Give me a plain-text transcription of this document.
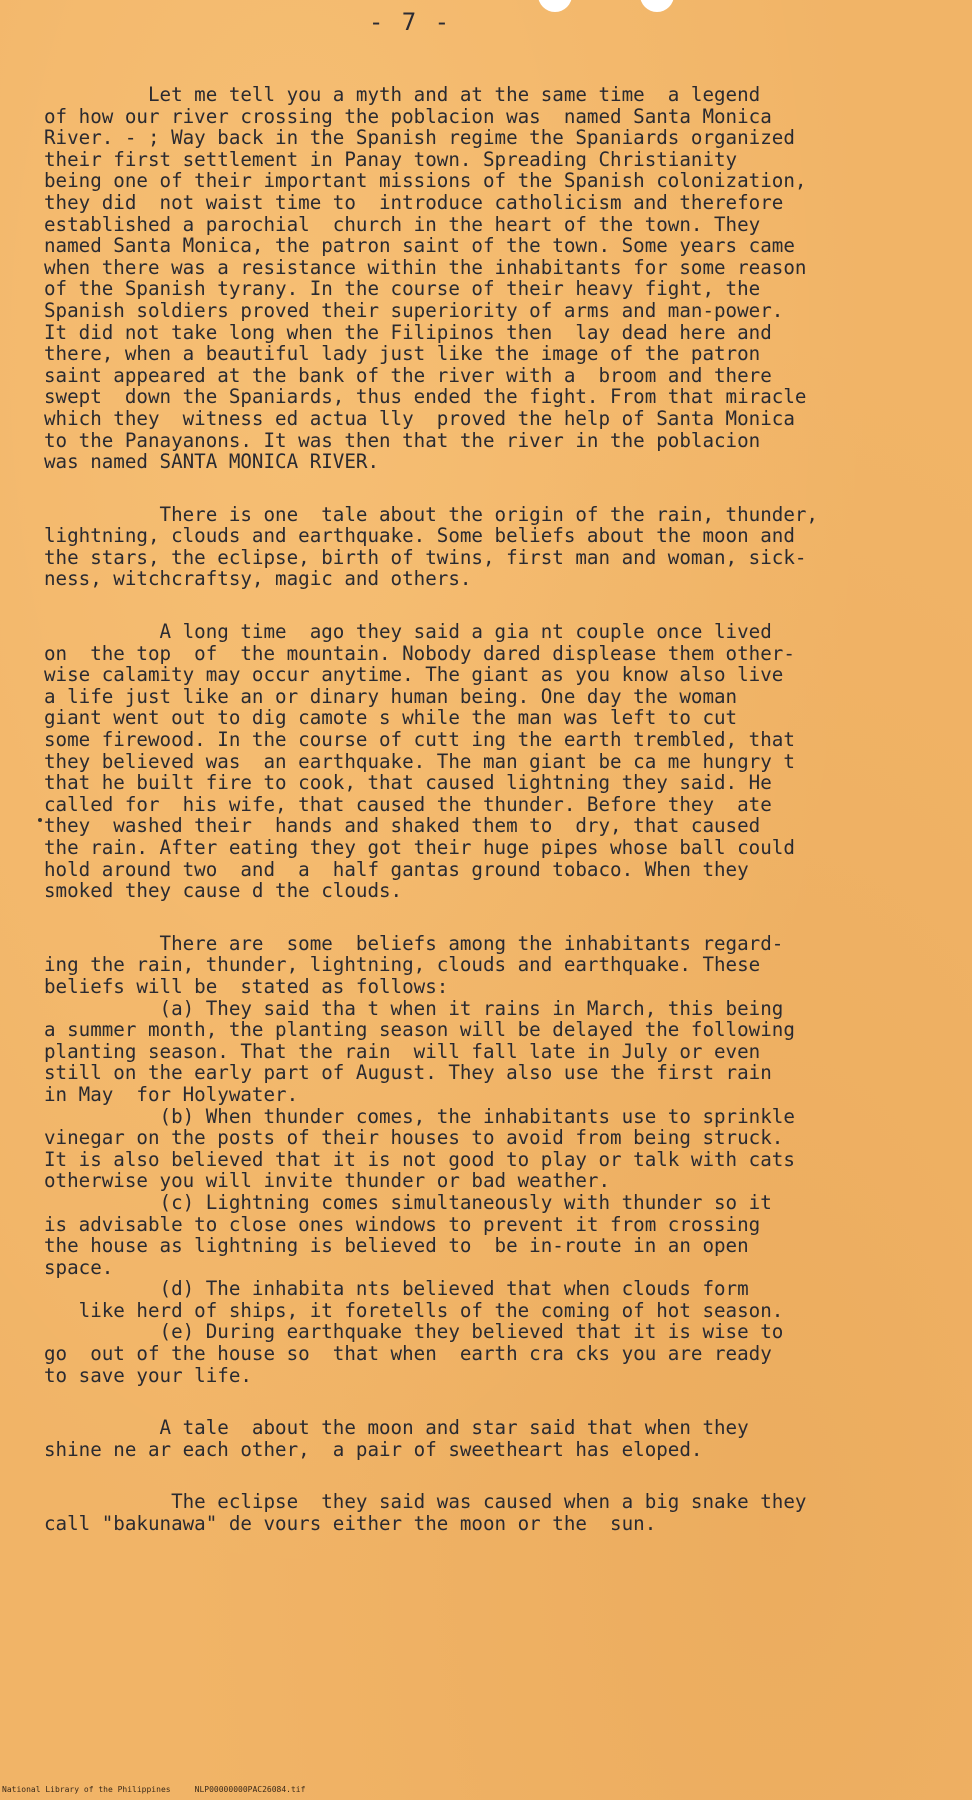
- 7 -
Let me tell you a myth and at the same time  a legend
of how our river crossing the poblacion was  named Santa Monica
River. - ; Way back in the Spanish regime the Spaniards organized
their first settlement in Panay town. Spreading Christianity
being one of their important missions of the Spanish colonization,
they did  not waist time to  introduce catholicism and therefore
established a parochial  church in the heart of the town. They
named Santa Monica, the patron saint of the town. Some years came
when there was a resistance within the inhabitants for some reason
of the Spanish tyrany. In the course of their heavy fight, the
Spanish soldiers proved their superiority of arms and man-power.
It did not take long when the Filipinos then  lay dead here and
there, when a beautiful lady just like the image of the patron
saint appeared at the bank of the river with a  broom and there
swept  down the Spaniards, thus ended the fight. From that miracle
which they  witness ed actua lly  proved the help of Santa Monica
to the Panayanons. It was then that the river in the poblacion
was named SANTA MONICA RIVER.
There is one  tale about the origin of the rain, thunder,
lightning, clouds and earthquake. Some beliefs about the moon and
the stars, the eclipse, birth of twins, first man and woman, sick-
ness, witchcraftsy, magic and others.
A long time  ago they said a gia nt couple once lived
on  the top  of  the mountain. Nobody dared displease them other-
wise calamity may occur anytime. The giant as you know also live
a life just like an or dinary human being. One day the woman
giant went out to dig camote s while the man was left to cut
some firewood. In the course of cutt ing the earth trembled, that
they believed was  an earthquake. The man giant be ca me hungry t
that he built fire to cook, that caused lightning they said. He
called for  his wife, that caused the thunder. Before they  ate
they  washed their  hands and shaked them to  dry, that caused
the rain. After eating they got their huge pipes whose ball could
hold around two  and  a  half gantas ground tobaco. When they
smoked they cause d the clouds.
There are  some  beliefs among the inhabitants regard-
ing the rain, thunder, lightning, clouds and earthquake. These
beliefs will be  stated as follows:
(a) They said tha t when it rains in March, this being
a summer month, the planting season will be delayed the following
planting season. That the rain  will fall late in July or even
still on the early part of August. They also use the first rain
in May  for Holywater.
(b) When thunder comes, the inhabitants use to sprinkle
vinegar on the posts of their houses to avoid from being struck.
It is also believed that it is not good to play or talk with cats
otherwise you will invite thunder or bad weather.
(c) Lightning comes simultaneously with thunder so it
is advisable to close ones windows to prevent it from crossing
the house as lightning is believed to  be in-route in an open
space.
(d) The inhabita nts believed that when clouds form
like herd of ships, it foretells of the coming of hot season.
(e) During earthquake they believed that it is wise to
go  out of the house so  that when  earth cra cks you are ready
to save your life.
A tale  about the moon and star said that when they
shine ne ar each other,  a pair of sweetheart has eloped.
The eclipse  they said was caused when a big snake they
call "bakunawa" de vours either the moon or the  sun.
National Library of the Philippines     NLP00000000PAC26084.tif
